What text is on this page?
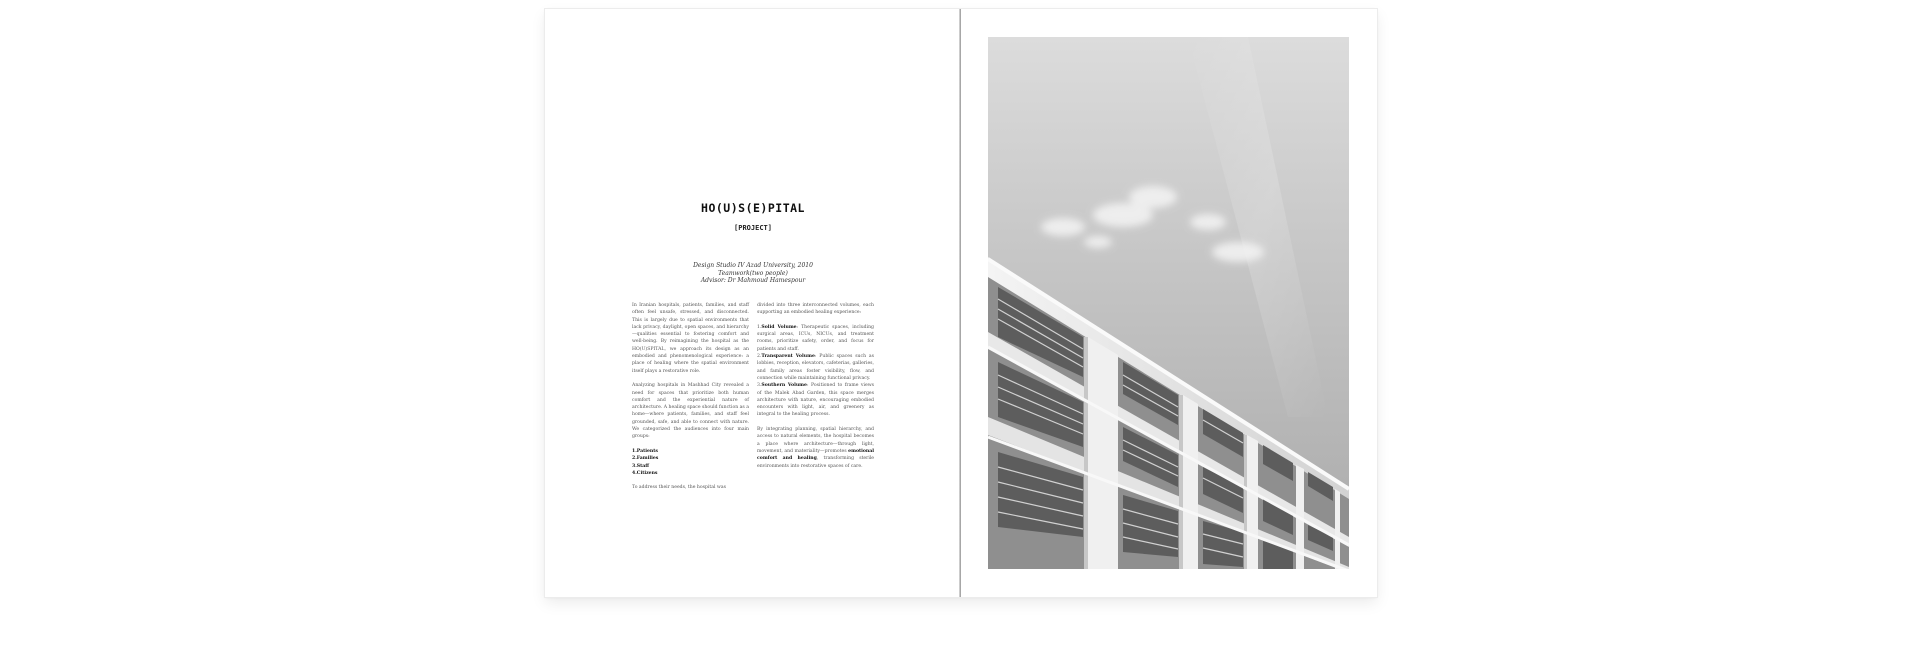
HO(U)S(E)PITAL
[PROJECT]
Design Studio IV Azad University, 2010
Teamwork(two people)
Advisor: Dr Mahmoud Hamespour

In Iranian hospitals, patients, families, and staff often feel unsafe, stressed, and disconnected. This is largely due to spatial environments that lack privacy, daylight, open spaces, and hierarchy—qualities essential to fostering comfort and well-being. By reimagining the hospital as the HO(U)SPITAL, we approach its design as an embodied and phenomenological experience: a place of healing where the spatial environment itself plays a restorative role.

Analyzing hospitals in Mashhad City revealed a need for spaces that prioritize both human comfort and the experiential nature of architecture. A healing space should function as a home—where patients, families, and staff feel grounded, safe, and able to connect with nature. We categorized the audiences into four main groups:

1.Patients
2.Families
3.Staff
4.Citizens

To address their needs, the hospital was

divided into three interconnected volumes, each supporting an embodied healing experience:

1.Solid Volume: Therapeutic spaces, including surgical areas, ICUs, NICUs, and treatment rooms, prioritize safety, order, and focus for patients and staff.

2.Transparent Volume: Public spaces such as lobbies, reception, elevators, cafeterias, galleries, and family areas foster visibility, flow, and connection while maintaining functional privacy.

3.Southern Volume: Positioned to frame views of the Malek Abad Garden, this space merges architecture with nature, encouraging embodied encounters with light, air, and greenery as integral to the healing process.

By integrating planning, spatial hierarchy, and access to natural elements, the hospital becomes a place where architecture—through light, movement, and materiality—promotes emotional comfort and healing, transforming sterile environments into restorative spaces of care.
